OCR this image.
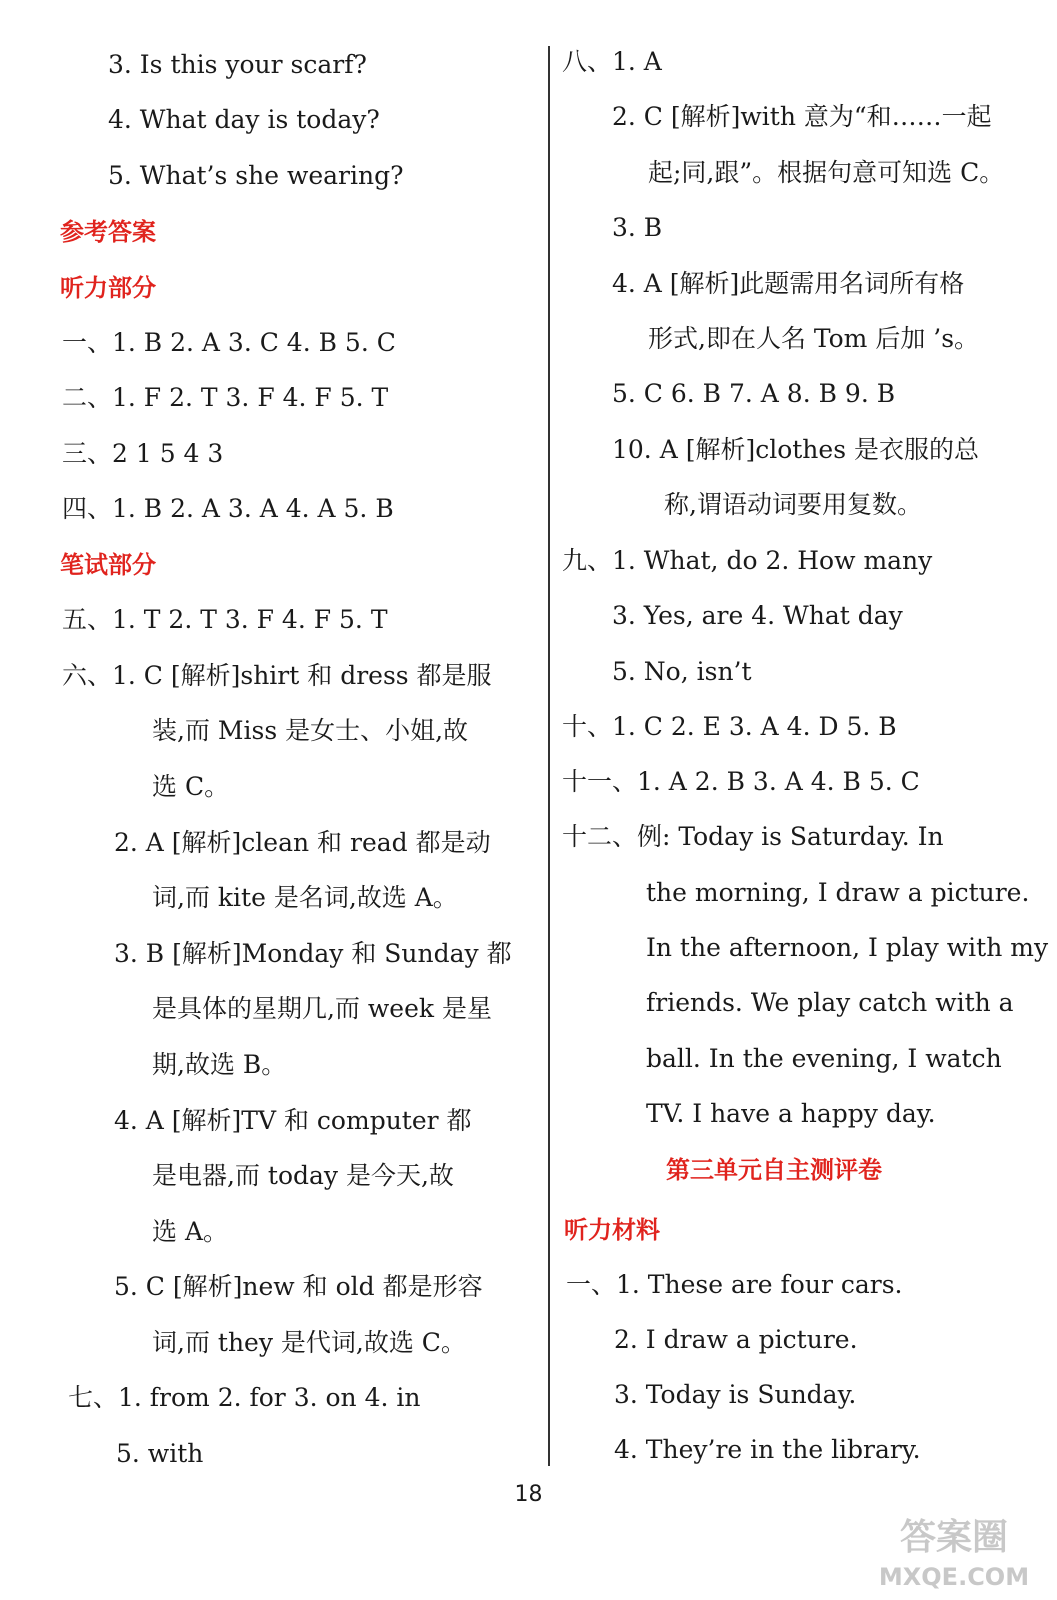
3. Is this your scarf?
4. What day is today?
5. What’s she wearing?
参考答案
听力部分
一、1. B 2. A 3. C 4. B 5. C
二、1. F 2. T 3. F 4. F 5. T
三、2 1 5 4 3
四、1. B 2. A 3. A 4. A 5. B
笔试部分
五、1. T 2. T 3. F 4. F 5. T
六、1. C [解析]shirt 和 dress 都是服
装,而 Miss 是女士、小姐,故
选 C。
2. A [解析]clean 和 read 都是动
词,而 kite 是名词,故选 A。
3. B [解析]Monday 和 Sunday 都
是具体的星期几,而 week 是星
期,故选 B。
4. A [解析]TV 和 computer 都
是电器,而 today 是今天,故
选 A。
5. C [解析]new 和 old 都是形容
词,而 they 是代词,故选 C。
七、1. from 2. for 3. on 4. in
5. with
八、1. A
2. C [解析]with 意为“和……一起
起;同,跟”。根据句意可知选 C。
3. B
4. A [解析]此题需用名词所有格
形式,即在人名 Tom 后加 ’s。
5. C 6. B 7. A 8. B 9. B
10. A [解析]clothes 是衣服的总
称,谓语动词要用复数。
九、1. What, do 2. How many
3. Yes, are 4. What day
5. No, isn’t
十、1. C 2. E 3. A 4. D 5. B
十一、1. A 2. B 3. A 4. B 5. C
十二、例: Today is Saturday. In
the morning, I draw a picture.
In the afternoon, I play with my
friends. We play catch with a
ball. In the evening, I watch
TV. I have a happy day.
第三单元自主测评卷
听力材料
一、1. These are four cars.
2. I draw a picture.
3. Today is Sunday.
4. They’re in the library.
18
答案圈
MXQE.COM
